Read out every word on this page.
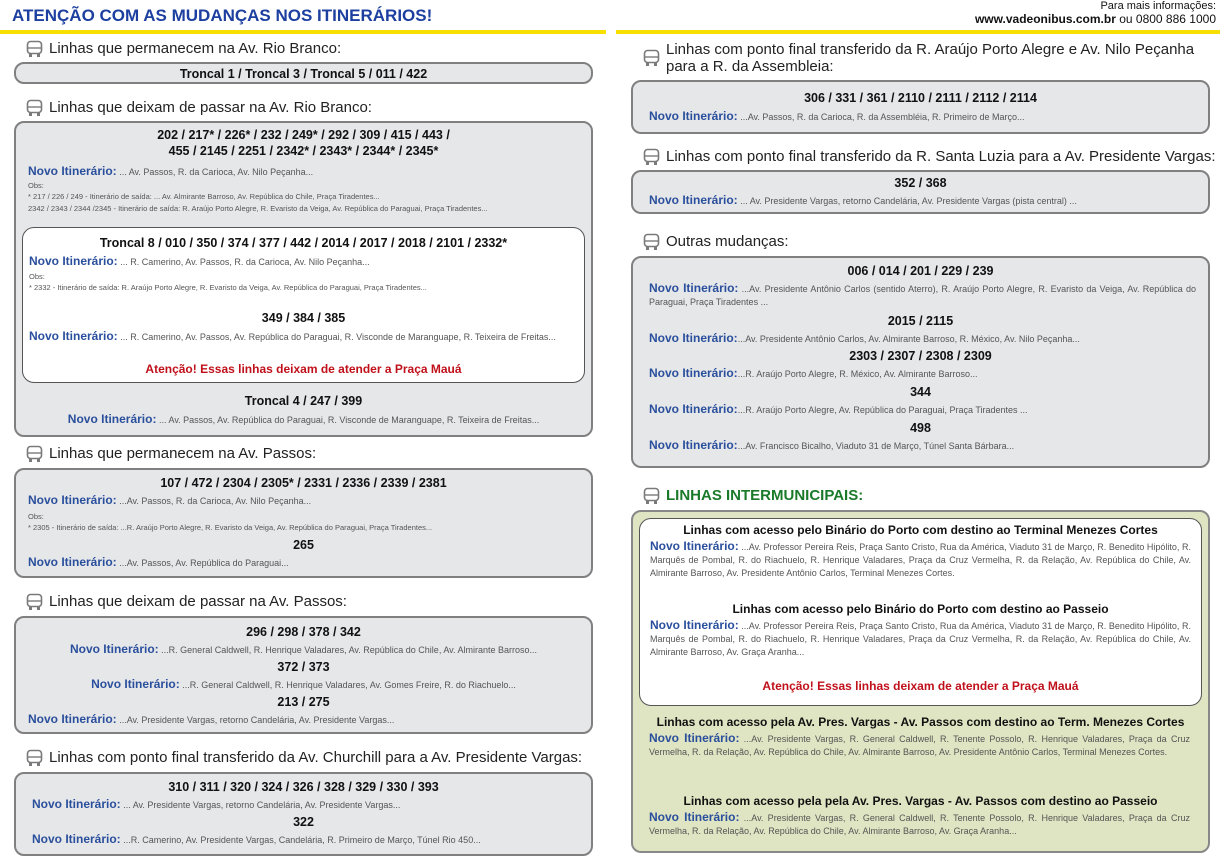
ATENÇÃO COM AS MUDANÇAS NOS ITINERÁRIOS!	Para mais informações:
www.vadeonibus.com.br ou 0800 886 1000
Linhas que permanecem na Av. Rio Branco:
Troncal 1 / Troncal 3 / Troncal 5 / 011 / 422
Linhas que deixam de passar na Av. Rio Branco:
202 / 217* / 226* / 232 / 249* / 292 / 309 / 415 / 443 /
455 / 2145 / 2251 / 2342* / 2343* / 2344* / 2345*
Novo Itinerário: ... Av. Passos, R. da Carioca, Av. Nilo Peçanha...
Obs:
* 217 / 226 / 249 - Itinerário de saída: ... Av. Almirante Barroso, Av. República do Chile, Praça Tiradentes...
2342 / 2343 / 2344 /2345 - Itinerário de saída: R. Araújo Porto Alegre, R. Evaristo da Veiga, Av. República do Paraguai, Praça Tiradentes...
Troncal 8 / 010 / 350 / 374 / 377 / 442 / 2014 / 2017 / 2018 / 2101 / 2332*
Novo Itinerário: ... R. Camerino, Av. Passos, R. da Carioca, Av. Nilo Peçanha...
Obs:
* 2332 - Itinerário de saída: R. Araújo Porto Alegre, R. Evaristo da Veiga, Av. República do Paraguai, Praça Tiradentes...
349 / 384 / 385
Novo Itinerário: ... R. Camerino, Av. Passos, Av. República do Paraguai, R. Visconde de Maranguape, R. Teixeira de Freitas...
Atenção! Essas linhas deixam de atender a Praça Mauá
Troncal 4 / 247 / 399
Novo Itinerário: ... Av. Passos, Av. República do Paraguai, R. Visconde de Maranguape, R. Teixeira de Freitas...
Linhas que permanecem na Av. Passos:
107 / 472 / 2304 / 2305* / 2331 / 2336 / 2339 / 2381
Novo Itinerário: ...Av. Passos, R. da Carioca, Av. Nilo Peçanha...
Obs:
* 2305 - Itinerário de saída: ...R. Araújo Porto Alegre, R. Evaristo da Veiga, Av. República do Paraguai, Praça Tiradentes...
265
Novo Itinerário: ...Av. Passos, Av. República do Paraguai...
Linhas que deixam de passar na Av. Passos:
296 / 298 / 378 / 342
Novo Itinerário: ...R. General Caldwell, R. Henrique Valadares, Av. República do Chile, Av. Almirante Barroso...
372 / 373
Novo Itinerário: ...R. General Caldwell, R. Henrique Valadares, Av. Gomes Freire, R. do Riachuelo...
213 / 275
Novo Itinerário: ...Av. Presidente Vargas, retorno Candelária, Av. Presidente Vargas...
Linhas com ponto final transferido da Av. Churchill para a Av. Presidente Vargas:
310 / 311 / 320 / 324 / 326 / 328 / 329 / 330 / 393
Novo Itinerário: ... Av. Presidente Vargas, retorno Candelária, Av. Presidente Vargas...
322
Novo Itinerário: ...R. Camerino, Av. Presidente Vargas, Candelária, R. Primeiro de Março, Túnel Rio 450...
Linhas com ponto final transferido da R. Araújo Porto Alegre e Av. Nilo Peçanha
para a R. da Assembleia:
306 / 331 / 361 / 2110 / 2111 / 2112 / 2114
Novo Itinerário: ...Av. Passos, R. da Carioca, R. da Assembléia, R. Primeiro de Março...
Linhas com ponto final transferido da R. Santa Luzia para a Av. Presidente Vargas:
352 / 368
Novo Itinerário: ... Av. Presidente Vargas, retorno Candelária, Av. Presidente Vargas (pista central) ...
Outras mudanças:
006 / 014 / 201 / 229 / 239
Novo Itinerário: ...Av. Presidente Antônio Carlos (sentido Aterro), R. Araújo Porto Alegre, R. Evaristo da Veiga, Av. República do Paraguai, Praça Tiradentes ...
2015 / 2115
Novo Itinerário:...Av. Presidente Antônio Carlos, Av. Almirante Barroso, R. México, Av. Nilo Peçanha...
2303 / 2307 / 2308 / 2309
Novo Itinerário:...R. Araújo Porto Alegre, R. México, Av. Almirante Barroso...
344
Novo Itinerário:...R. Araújo Porto Alegre, Av. República do Paraguai, Praça Tiradentes ...
498
Novo Itinerário:...Av. Francisco Bicalho, Viaduto 31 de Março, Túnel Santa Bárbara...
LINHAS INTERMUNICIPAIS:
Linhas com acesso pelo Binário do Porto com destino ao Terminal Menezes Cortes
Novo Itinerário: ...Av. Professor Pereira Reis, Praça Santo Cristo, Rua da América, Viaduto 31 de Março, R. Benedito Hipólito, R. Marquês de Pombal, R. do Riachuelo, R. Henrique Valadares, Praça da Cruz Vermelha, R. da Relação, Av. República do Chile, Av. Almirante Barroso, Av. Presidente Antônio Carlos, Terminal Menezes Cortes.
Linhas com acesso pelo Binário do Porto com destino ao Passeio
Novo Itinerário: ...Av. Professor Pereira Reis, Praça Santo Cristo, Rua da América, Viaduto 31 de Março, R. Benedito Hipólito, R. Marquês de Pombal, R. do Riachuelo, R. Henrique Valadares, Praça da Cruz Vermelha, R. da Relação, Av. República do Chile, Av. Almirante Barroso, Av. Graça Aranha...
Atenção! Essas linhas deixam de atender a Praça Mauá
Linhas com acesso pela Av. Pres. Vargas - Av. Passos com destino ao Term. Menezes Cortes
Novo Itinerário: ...Av. Presidente Vargas, R. General Caldwell, R. Tenente Possolo, R. Henrique Valadares, Praça da Cruz Vermelha, R. da Relação, Av. República do Chile, Av. Almirante Barroso, Av. Presidente Antônio Carlos, Terminal Menezes Cortes.
Linhas com acesso pela pela Av. Pres. Vargas - Av. Passos com destino ao Passeio
Novo Itinerário: ...Av. Presidente Vargas, R. General Caldwell, R. Tenente Possolo, R. Henrique Valadares, Praça da Cruz Vermelha, R. da Relação, Av. República do Chile, Av. Almirante Barroso, Av. Graça Aranha...
